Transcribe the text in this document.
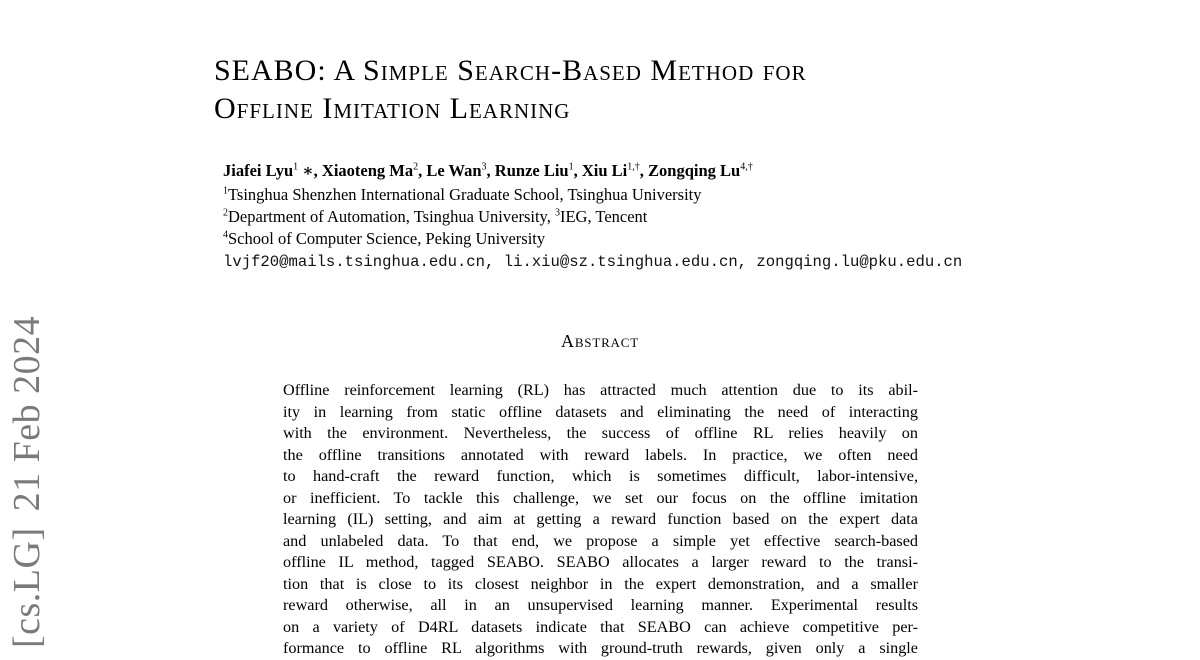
[cs.LG]21 Feb 2024
SEABO: A Simple Search-Based Method for
Offline Imitation Learning
Jiafei Lyu$^1$ ∗, Xiaoteng Ma$^2$, Le Wan$^3$, Runze Liu$^1$, Xiu $Li^{1,\dagger}$, Zongqing $Lu^{4,\dagger}$
$^1$Tsinghua Shenzhen International Graduate School, Tsinghua University
$^2$Department of Automation, Tsinghua University, $^3$IEG, Tencent
$^4$School of Computer Science, Peking University
lvjf20@mails.tsinghua.edu.cn, li.xiu@sz.tsinghua.edu.cn, zongqing.lu@pku.edu.cn
Abstract
Offline reinforcement learning (RL) has attracted much attention due to its abil-
ity in learning from static offline datasets and eliminating the need of interacting
with the environment. Nevertheless, the success of offline RL relies heavily on
the offline transitions annotated with reward labels. In practice, we often need
to hand-craft the reward function, which is sometimes difficult, labor-intensive,
or inefficient. To tackle this challenge, we set our focus on the offline imitation
learning (IL) setting, and aim at getting a reward function based on the expert data
and unlabeled data. To that end, we propose a simple yet effective search-based
offline IL method, tagged SEABO. SEABO allocates a larger reward to the transi-
tion that is close to its closest neighbor in the expert demonstration, and a smaller
reward otherwise, all in an unsupervised learning manner. Experimental results
on a variety of D4RL datasets indicate that SEABO can achieve competitive per-
formance to offline RL algorithms with ground-truth rewards, given only a single
